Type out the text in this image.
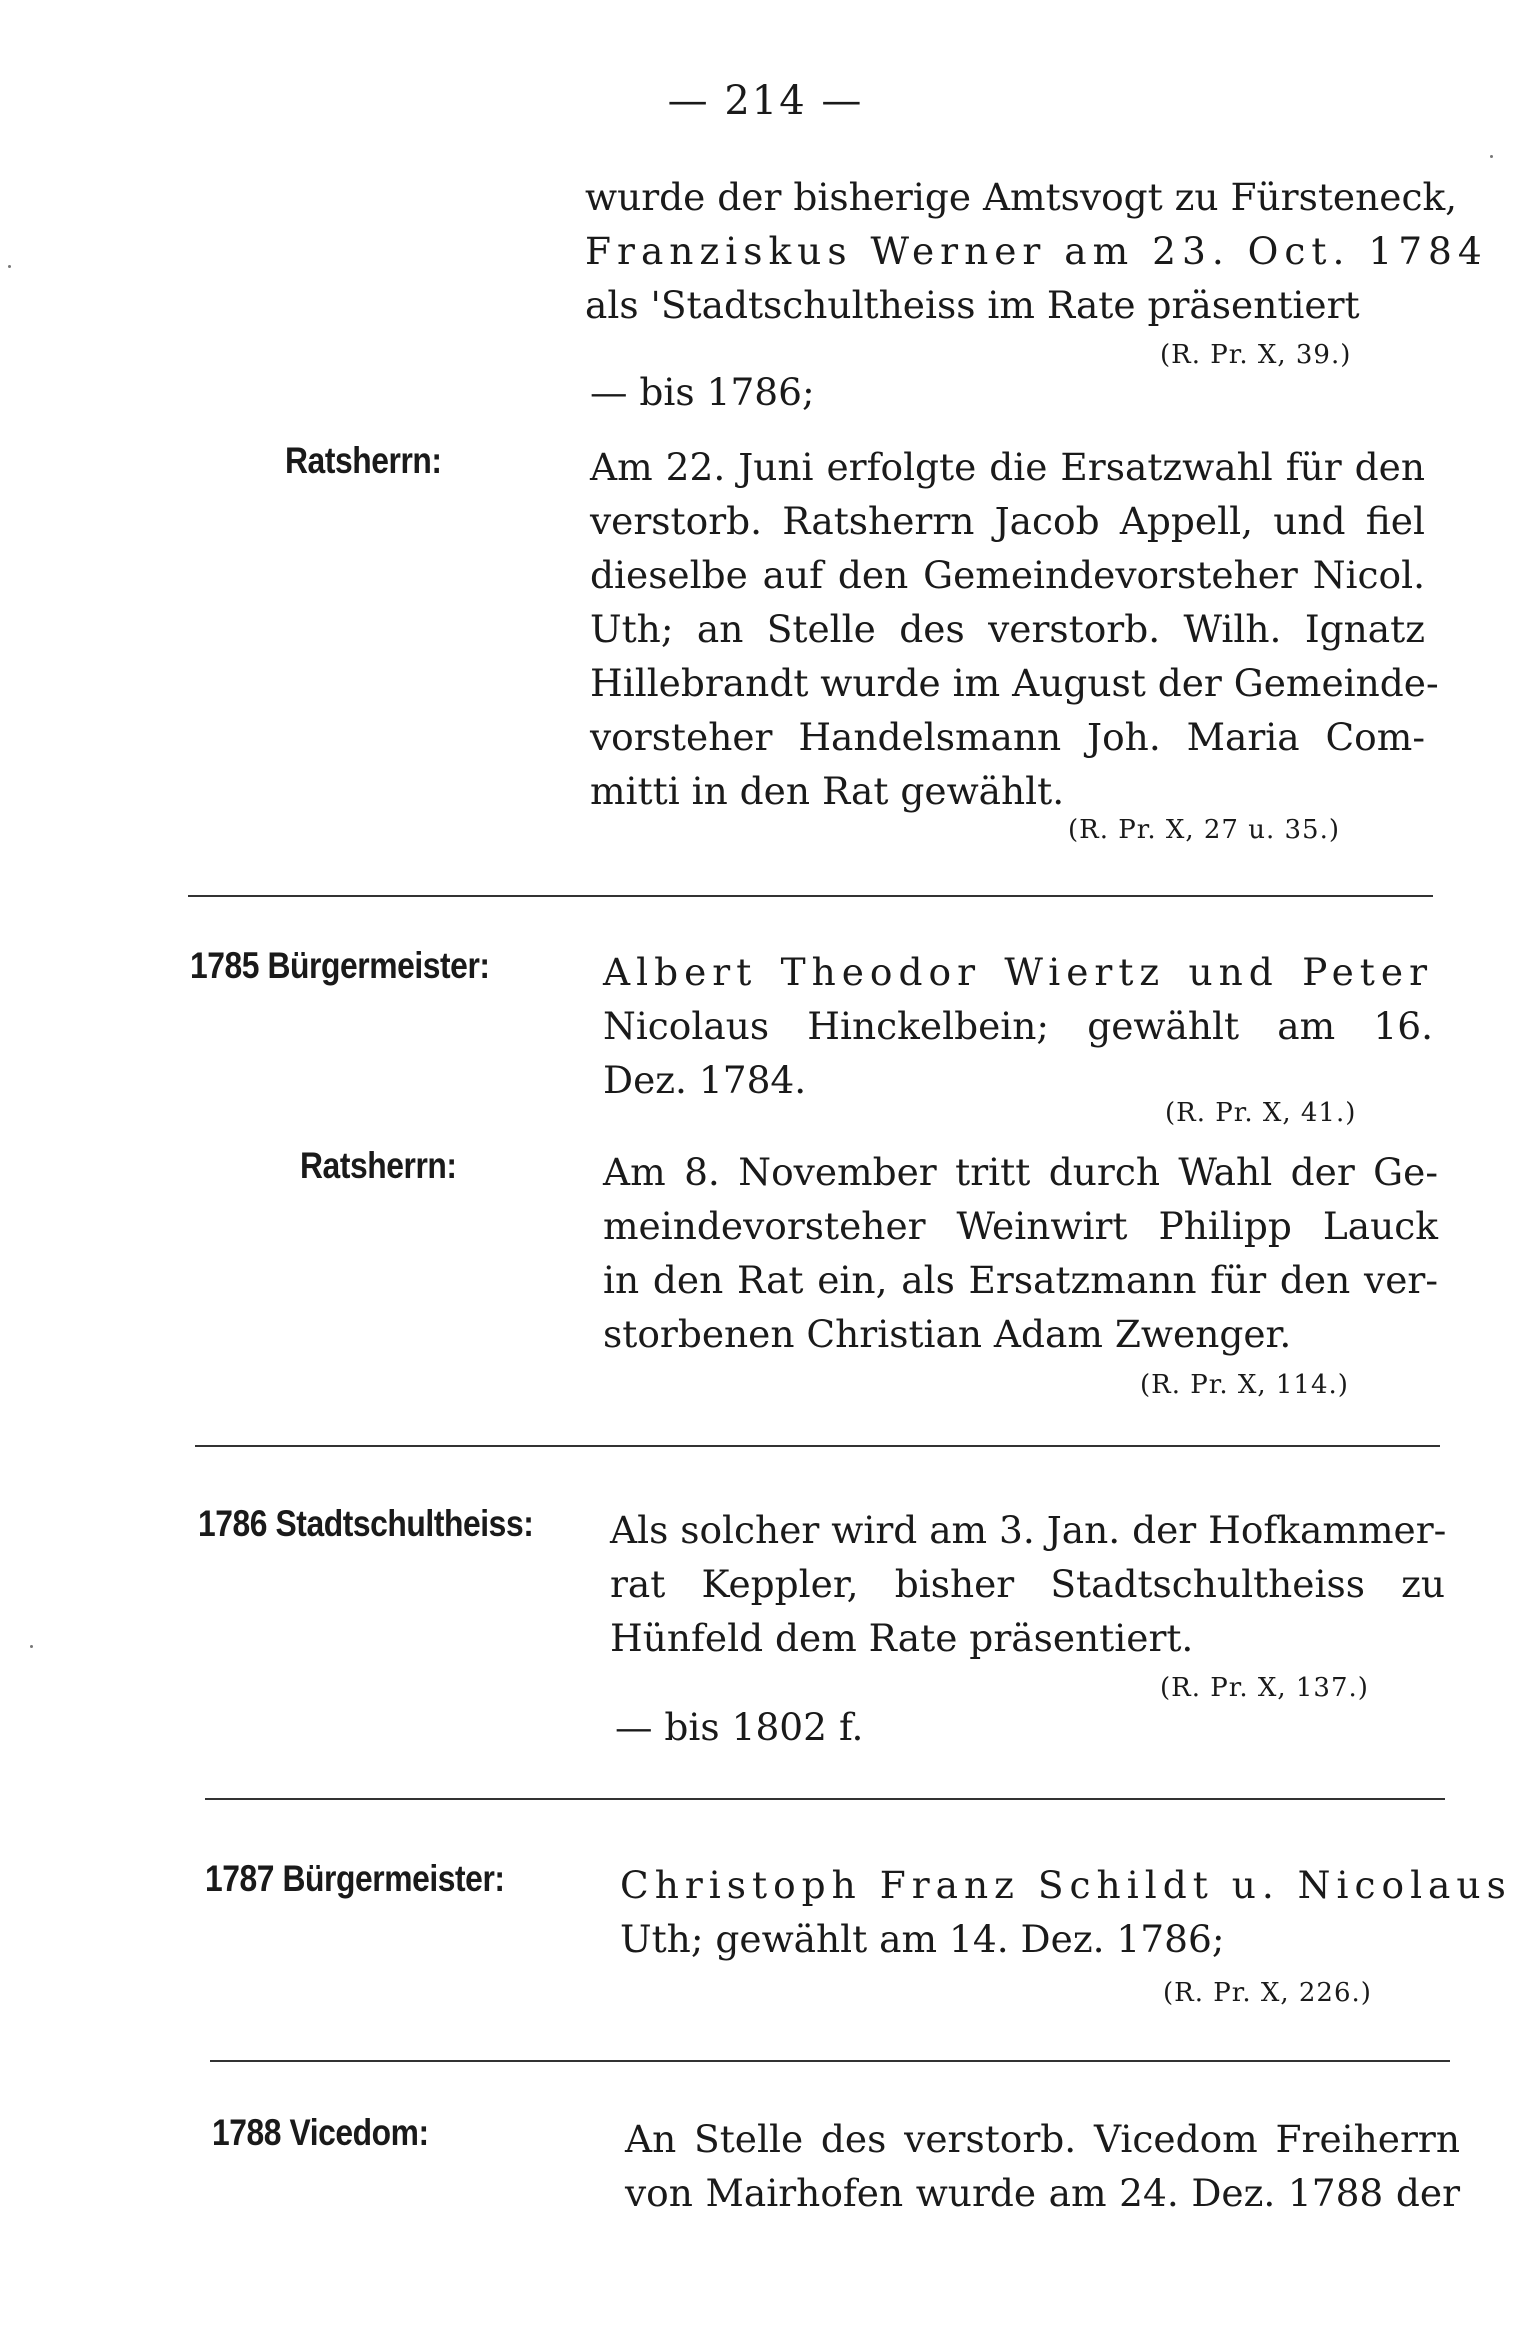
— 214 —
wurde der bisherige Amtsvogt zu Fürsteneck,
Franziskus Werner am 23. Oct. 1784
als 'Stadtschultheiss im Rate präsentiert
(R. Pr. X, 39.)
— bis 1786;
Ratsherrn:	Am 22. Juni erfolgte die Ersatzwahl für den
verstorb. Ratsherrn Jacob Appell, und fiel
dieselbe auf den Gemeindevorsteher Nicol.
Uth; an Stelle des verstorb. Wilh. Ignatz
Hillebrandt wurde im August der Gemeinde-
vorsteher Handelsmann Joh. Maria Com-
mitti in den Rat gewählt.
(R. Pr. X, 27 u. 35.)
1785 Bürgermeister:	Albert Theodor Wiertz und Peter
Nicolaus Hinckelbein; gewählt am 16.
Dez. 1784.
(R. Pr. X, 41.)
Ratsherrn:	Am 8. November tritt durch Wahl der Ge-
meindevorsteher Weinwirt Philipp Lauck
in den Rat ein, als Ersatzmann für den ver-
storbenen Christian Adam Zwenger.
(R. Pr. X, 114.)
1786 Stadtschultheiss: Als solcher wird am 3. Jan. der Hofkammer-
rat Keppler, bisher Stadtschultheiss zu
Hünfeld dem Rate präsentiert.
(R. Pr. X, 137.)
— bis 1802 f.
1787 Bürgermeister:	Christoph Franz Schildt u. Nicolaus
Uth; gewählt am 14. Dez. 1786;
(R. Pr. X, 226.)
1788 Vicedom:	An Stelle des verstorb. Vicedom Freiherrn
von Mairhofen wurde am 24. Dez. 1788 der
